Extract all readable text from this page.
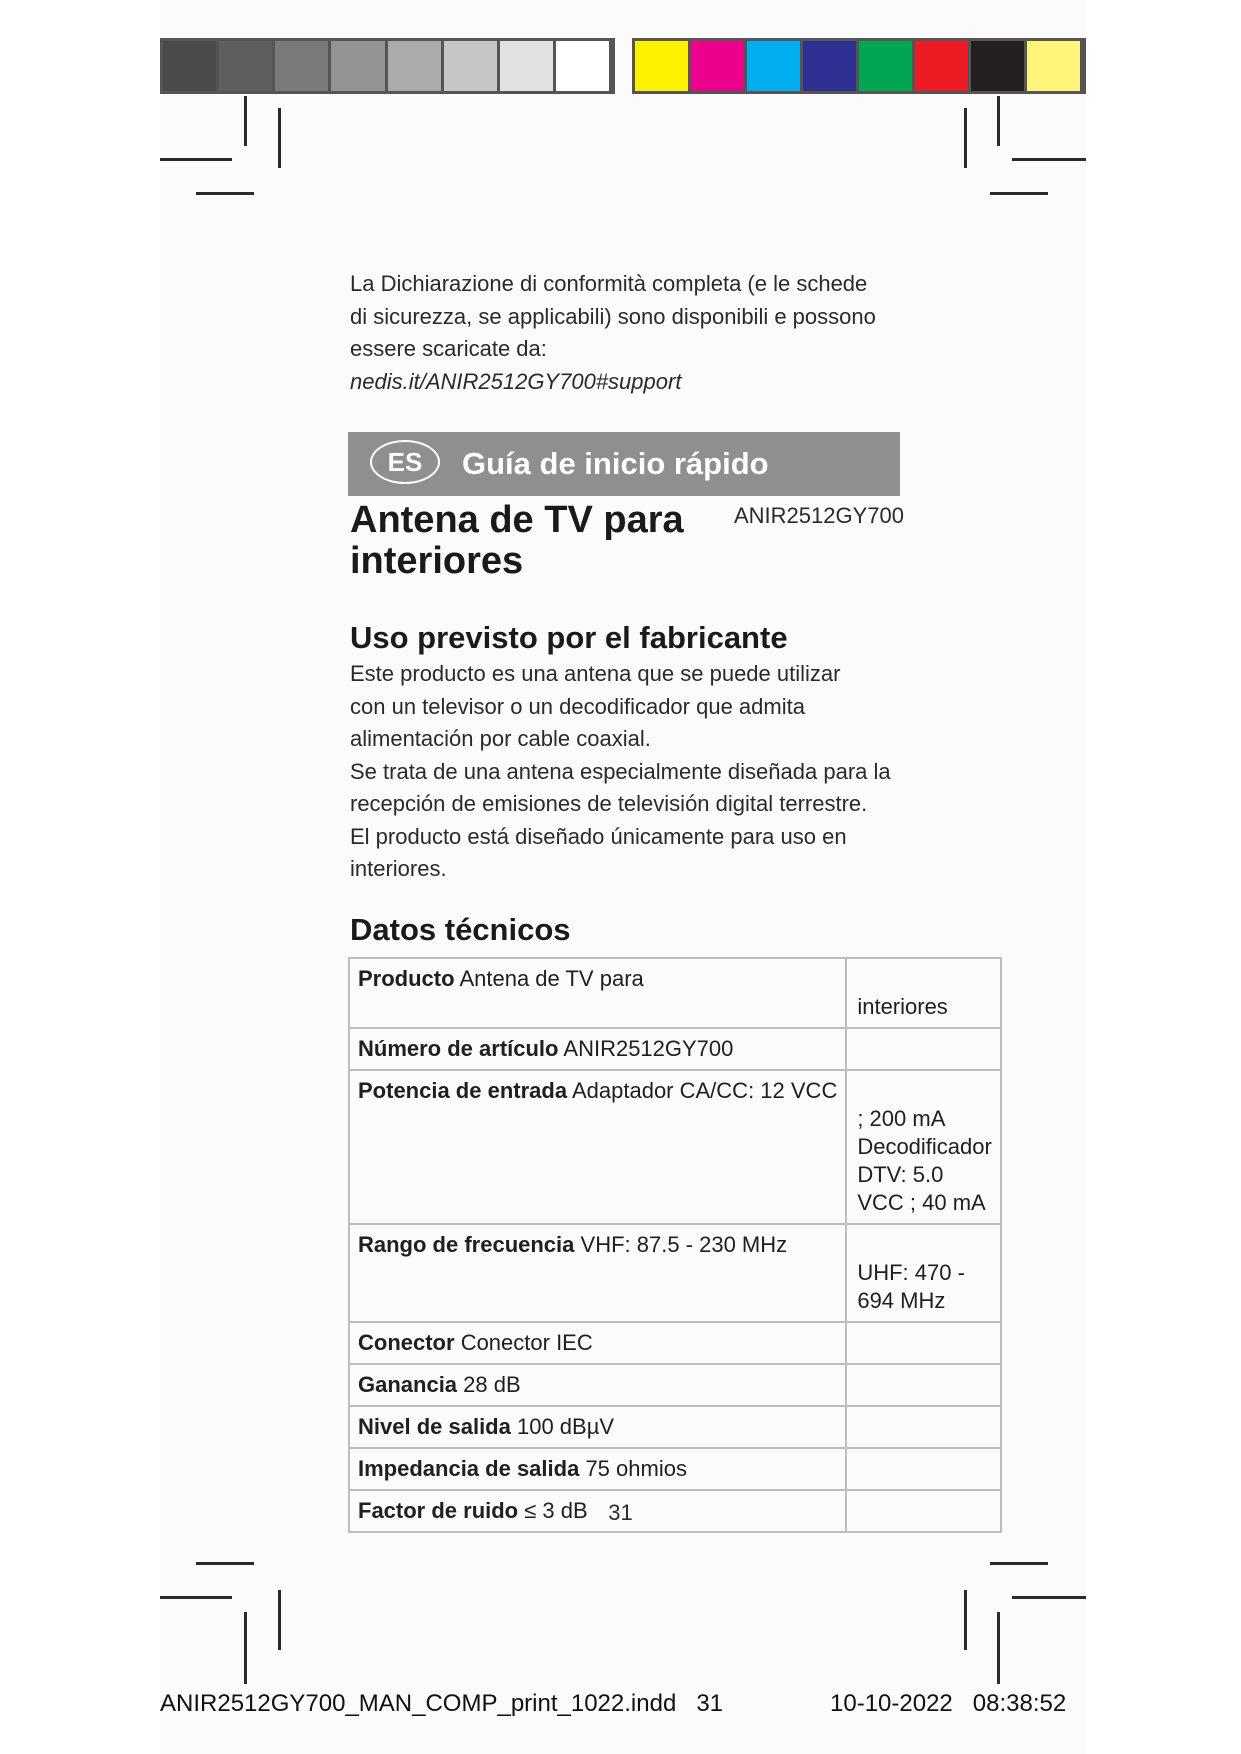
La Dichiarazione di conformità completa (e le schede
di sicurezza, se applicabili) sono disponibili e possono
essere scaricate da:
nedis.it/ANIR2512GY700#support
ES	Guía de inicio rápido
Antena de TV para
interiores
ANIR2512GY700
Uso previsto por el fabricante
Este producto es una antena que se puede utilizar
con un televisor o un decodificador que admita
alimentación por cable coaxial.
Se trata de una antena especialmente diseñada para la
recepción de emisiones de televisión digital terrestre.
El producto está diseñado únicamente para uso en
interiores.
Datos técnicos
Producto Antena de TV para	interiores

Número de artículo ANIR2512GY700	
Potencia de entrada Adaptador CA/CC: 12 VCC	; 200 mA
Decodificador DTV: 5.0
VCC ; 40 mA

Rango de frecuencia VHF: 87.5 - 230 MHz	UHF: 470 - 694 MHz

Conector Conector IEC	
Ganancia 28 dB	
Nivel de salida 100 dBµV	
Impedancia de salida 75 ohmios	
Factor de ruido ≤ 3 dB	31
ANIR2512GY700_MAN_COMP_print_1022.indd 31	10-10-2022 08:38:52
